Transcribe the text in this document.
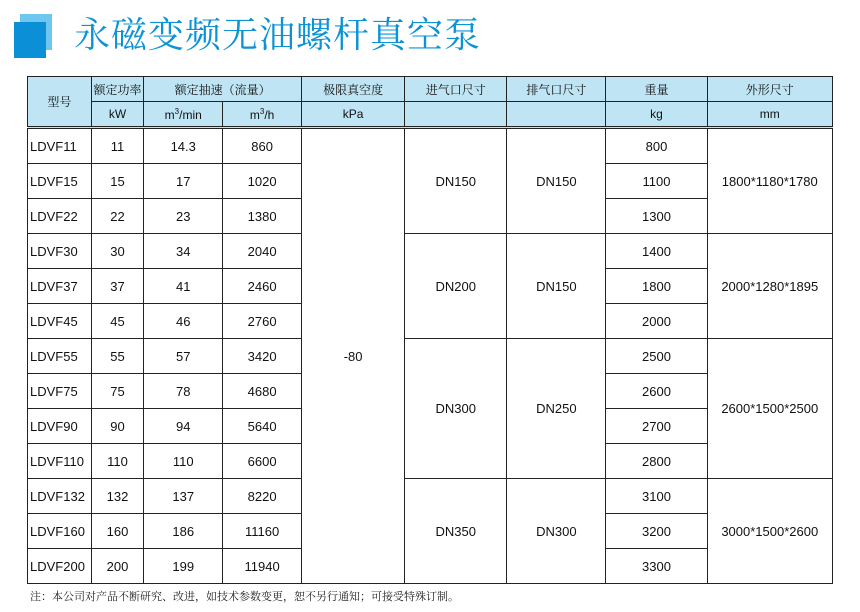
永磁变频无油螺杆真空泵
型号	额定功率	额定抽速（流量）		极限真空度	进气口尺寸	排气口尺寸	重量	外形尺寸
	kW	$m^3/\min$	$m^3/h$	kPa			kg	mm
LDVF11	11	14.3	860	-80	DN150	DN150	800	1800*1180*1780
LDVF15	15	17	1020				1100	
LDVF22	22	23	1380				1300	
LDVF30	30	34	2040		DN200	DN150	1400	2000*1280*1895
LDVF37	37	41	2460				1800	
LDVF45	45	46	2760				2000	
LDVF55	55	57	3420		DN300	DN250	2500	2600*1500*2500
LDVF75	75	78	4680				2600	
LDVF90	90	94	5640				2700	
LDVF110	110	110	6600				2800	
LDVF132	132	137	8220		DN350	DN300	3100	3000*1500*2600
LDVF160	160	186	11160				3200	
LDVF200	200	199	11940				3300	
注：本公司对产品不断研究、改进，如技术参数变更，恕不另行通知；可接受特殊订制。
